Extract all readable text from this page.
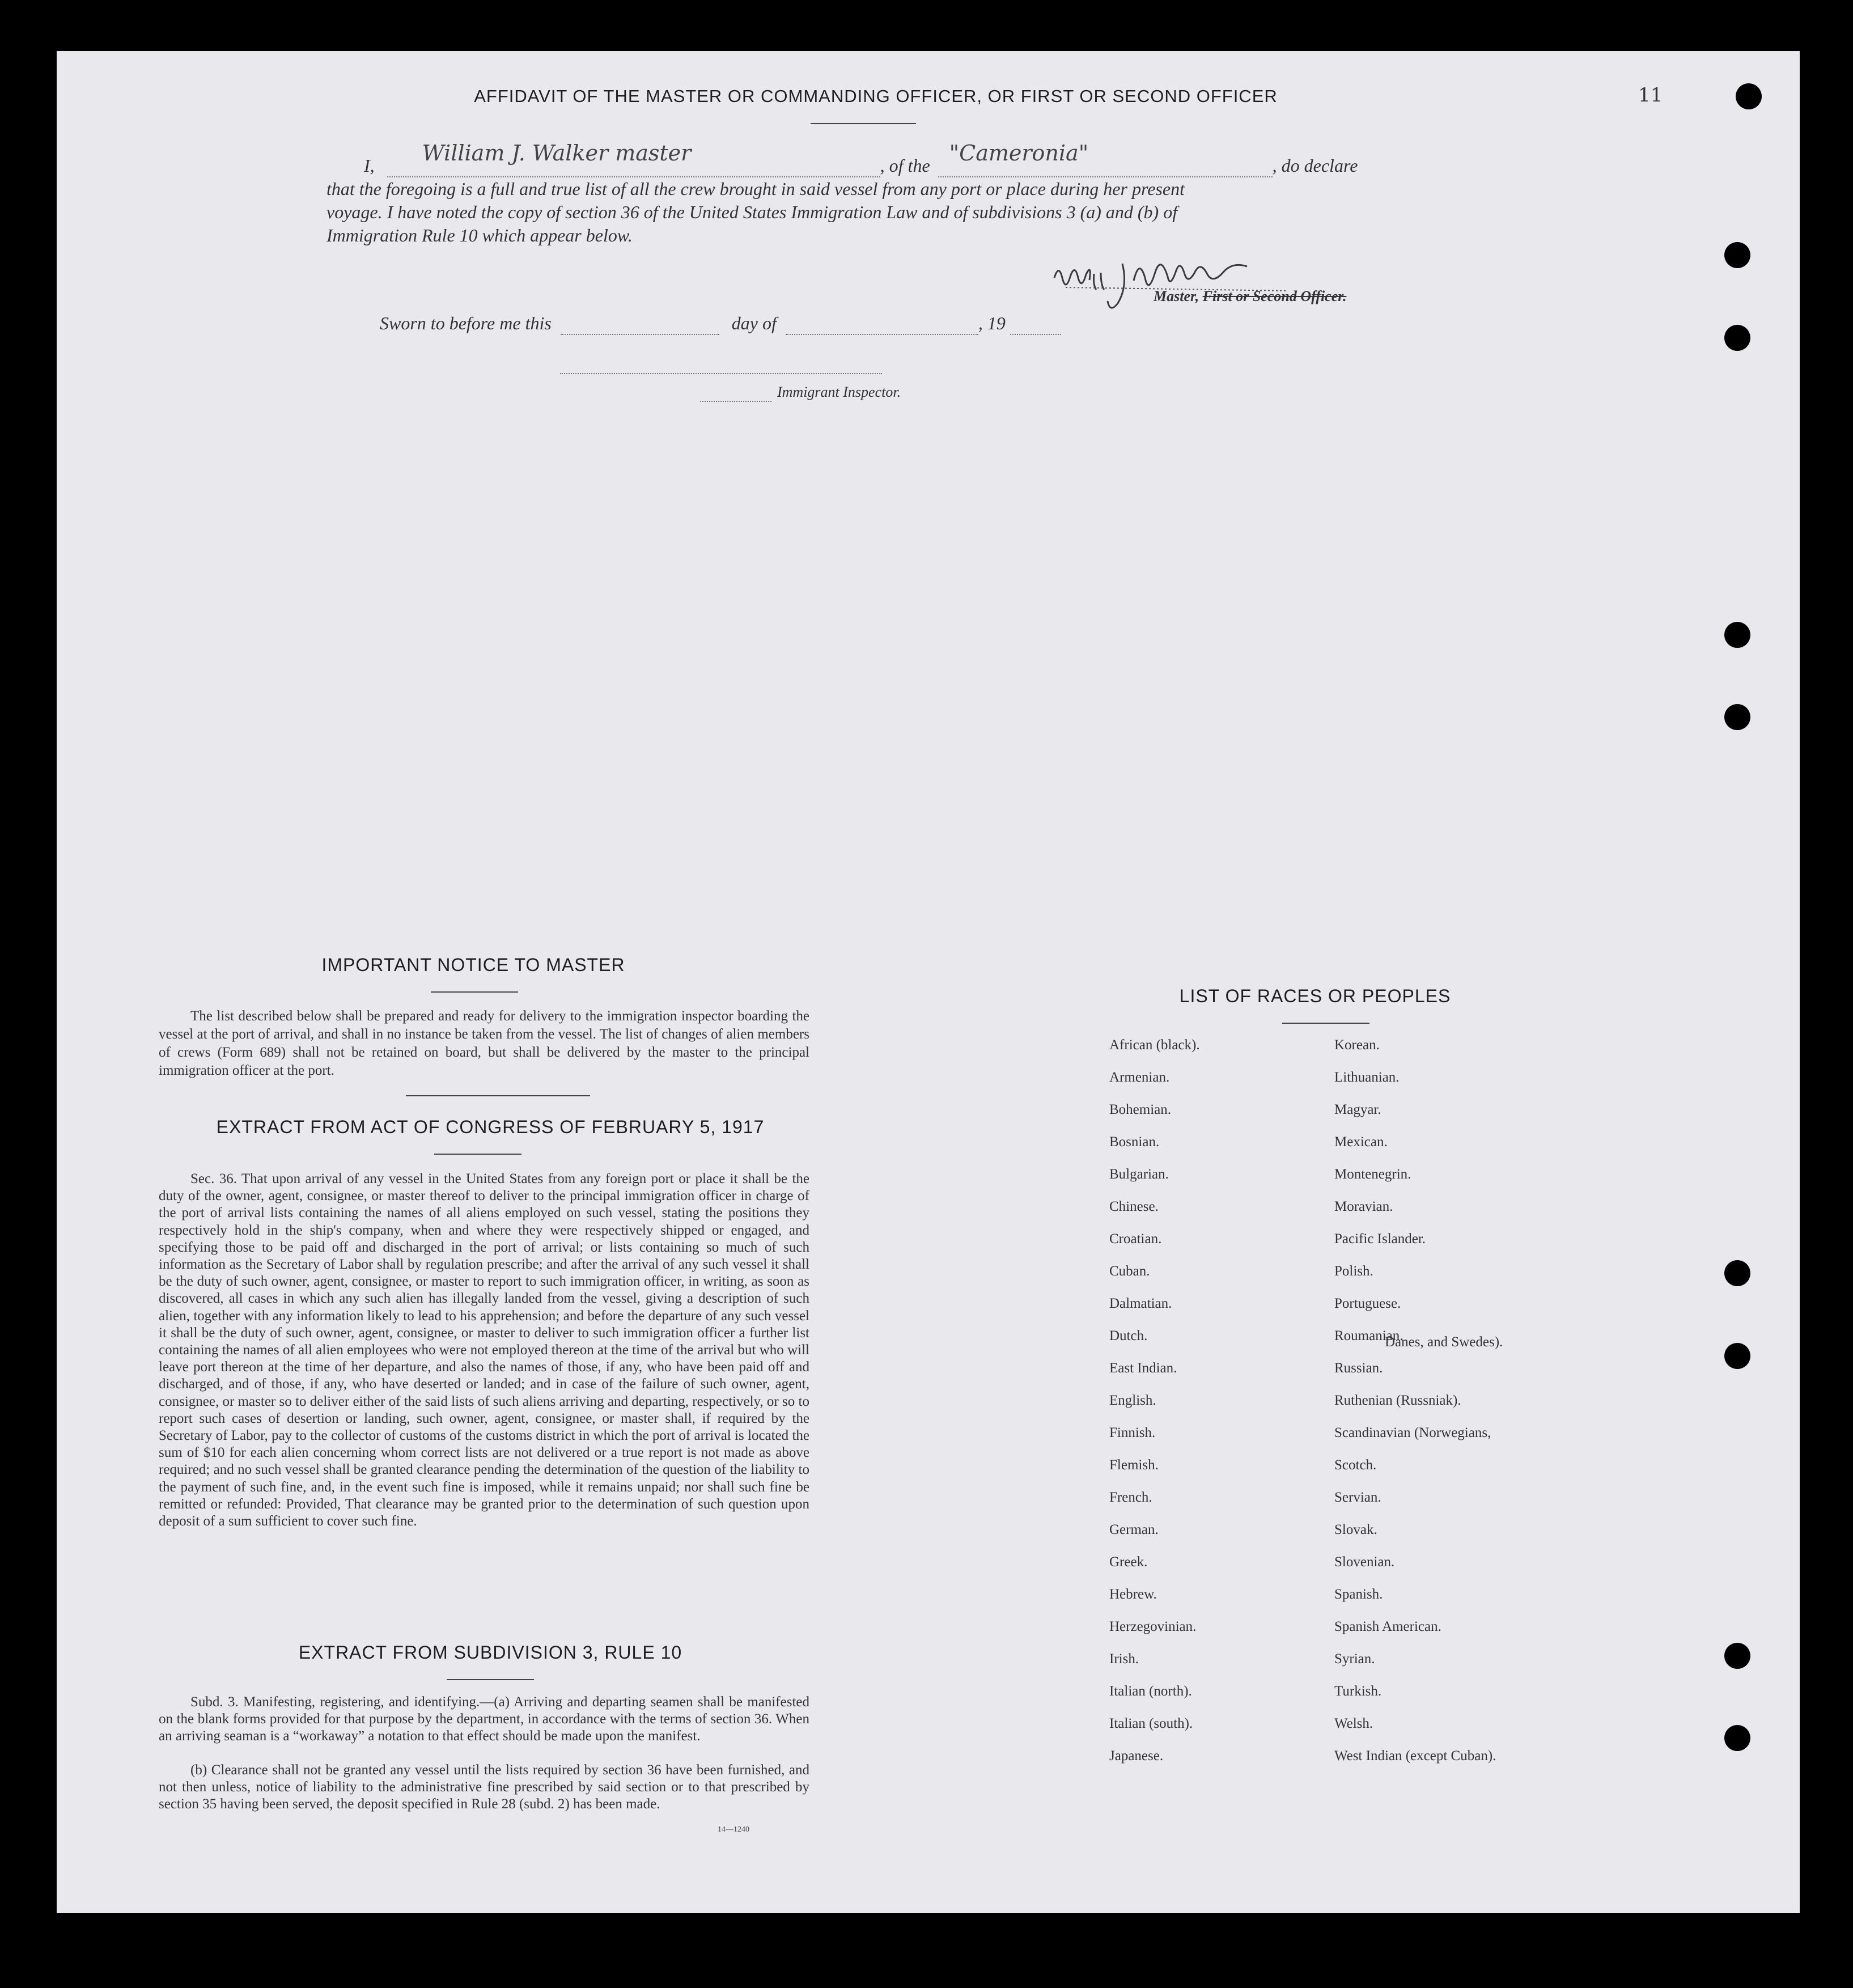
11
AFFIDAVIT OF THE MASTER OR COMMANDING OFFICER, OR FIRST OR SECOND OFFICER
I, William J. Walker master	, of the "Cameronia"	, do declare
that the foregoing is a full and true list of all the crew brought in said vessel from any port or place during her present
voyage. I have noted the copy of section 36 of the United States Immigration Law and of subdivisions 3 (a) and (b) of
Immigration Rule 10 which appear below.
Master, First or Second Officer.
Sworn to before me this	day of	, 19
Immigrant Inspector.
IMPORTANT NOTICE TO MASTER
The list described below shall be prepared and ready for delivery to the immigration inspector boarding the vessel at the port of arrival, and shall in no instance be taken from the vessel. The list of changes of alien members of crews (Form 689) shall not be retained on board, but shall be delivered by the master to the principal immigration officer at the port.
EXTRACT FROM ACT OF CONGRESS OF FEBRUARY 5, 1917
Sec. 36. That upon arrival of any vessel in the United States from any foreign port or place it shall be the duty of the owner, agent, consignee, or master thereof to deliver to the principal immigration officer in charge of the port of arrival lists containing the names of all aliens employed on such vessel, stating the positions they respectively hold in the ship's company, when and where they were respectively shipped or engaged, and specifying those to be paid off and discharged in the port of arrival; or lists containing so much of such information as the Secretary of Labor shall by regulation prescribe; and after the arrival of any such vessel it shall be the duty of such owner, agent, consignee, or master to report to such immigration officer, in writing, as soon as discovered, all cases in which any such alien has illegally landed from the vessel, giving a description of such alien, together with any information likely to lead to his apprehension; and before the departure of any such vessel it shall be the duty of such owner, agent, consignee, or master to deliver to such immigration officer a further list containing the names of all alien employees who were not employed thereon at the time of the arrival but who will leave port thereon at the time of her departure, and also the names of those, if any, who have been paid off and discharged, and of those, if any, who have deserted or landed; and in case of the failure of such owner, agent, consignee, or master so to deliver either of the said lists of such aliens arriving and departing, respectively, or so to report such cases of desertion or landing, such owner, agent, consignee, or master shall, if required by the Secretary of Labor, pay to the collector of customs of the customs district in which the port of arrival is located the sum of $10 for each alien concerning whom correct lists are not delivered or a true report is not made as above required; and no such vessel shall be granted clearance pending the determination of the question of the liability to the payment of such fine, and, in the event such fine is imposed, while it remains unpaid; nor shall such fine be remitted or refunded: Provided, That clearance may be granted prior to the determination of such question upon deposit of a sum sufficient to cover such fine.
EXTRACT FROM SUBDIVISION 3, RULE 10
Subd. 3. Manifesting, registering, and identifying.—(a) Arriving and departing seamen shall be manifested on the blank forms provided for that purpose by the department, in accordance with the terms of section 36. When an arriving seaman is a “workaway” a notation to that effect should be made upon the manifest.
(b) Clearance shall not be granted any vessel until the lists required by section 36 have been furnished, and not then unless, notice of liability to the administrative fine prescribed by said section or to that prescribed by section 35 having been served, the deposit specified in Rule 28 (subd. 2) has been made.
14—1240
LIST OF RACES OR PEOPLES
African (black).
Armenian.
Bohemian.
Bosnian.
Bulgarian.
Chinese.
Croatian.
Cuban.
Dalmatian.
Dutch.
East Indian.
English.
Finnish.
Flemish.
French.
German.
Greek.
Hebrew.
Herzegovinian.
Irish.
Italian (north).
Italian (south).
Japanese.
Korean.
Lithuanian.
Magyar.
Mexican.
Montenegrin.
Moravian.
Pacific Islander.
Polish.
Portuguese.
Roumanian.
Russian.
Ruthenian (Russniak).
Scandinavian (Norwegians,
Scotch.
Servian.
Slovak.
Slovenian.
Spanish.
Spanish American.
Syrian.
Turkish.
Welsh.
West Indian (except Cuban).
Danes, and Swedes).
